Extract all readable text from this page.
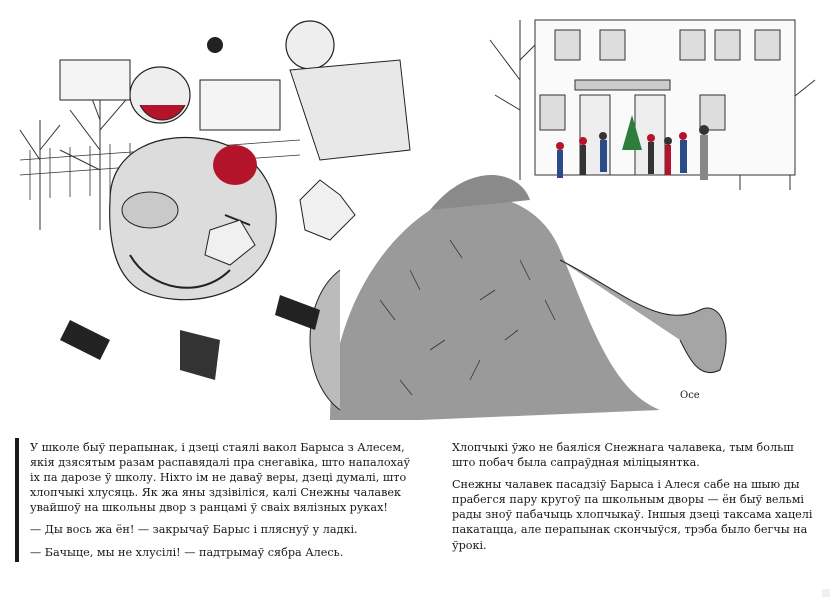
Осе

У школе быў перапынак, і дзеці стаялі вакол Барыса з Алесем, якія дзясятым разам распавядалі пра снегавіка, што напалохаў іх па дарозе ў школу. Ніхто ім не даваў веры, дзеці думалі, што хлопчыкі хлусяць. Як жа яны здзівіліся, калі Снежны чалавек увайшоў на школьны двор з ранцамі ў сваіх вялізных руках!

— Ды вось жа ён! — закрычаў Барыс і пляснуў у ладкі.

— Бачыце, мы не хлусілі! — падтрымаў сябра Алесь.

Хлопчыкі ўжо не баяліся Снежнага чалавека, тым больш што побач была сапраўдная міліцыянтка.

Снежны чалавек пасадзіў Барыса і Алеся сабе на шыю ды прабегся пару кругоў па школьным дворы — ён быў вельмі рады зноў пабачыць хлопчыкаў. Іншыя дзеці таксама хацелі пакатацца, але перапынак скончыўся, трэба было бегчы на ўрокі.
